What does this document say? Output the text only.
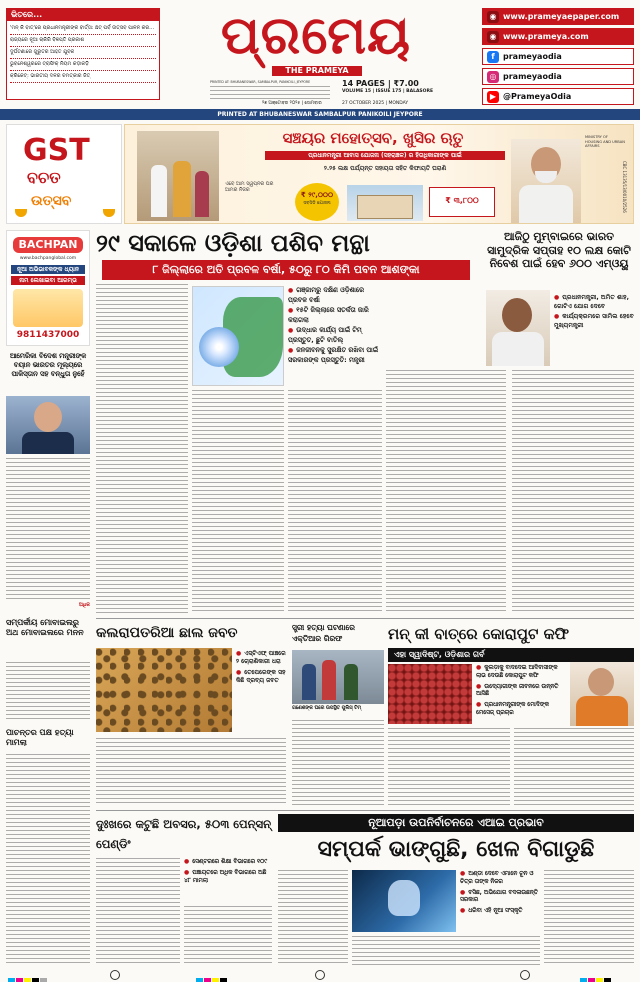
ଭିତରେ...
'ମନ୍ କି ବାତ୍'ରେ ପ୍ରଧାନମନ୍ତ୍ରୀଙ୍କ ବାର୍ତ୍ତା: ଛଟ୍ ପର୍ବ ଉତ୍ସବ ପାଳନ କରନ୍ତୁ
ରାଜ୍ୟରେ ନୂଆ ଚାକିରି ବିଜ୍ଞପ୍ତି ପ୍ରକାଶ
ଦୁର୍ଘଟଣାରେ ଗୁରୁତର ଆହତ ଯୁବକ
ଭୁବନେଶ୍ୱରରେ ଟ୍ରାଫିକ୍ ନିୟମ କଡ଼ାକଡ଼ି
କ୍ରିକେଟ୍: ଭାରତୀୟ ଦଳର ଚମତ୍କାର ଜିତ୍
ପ୍ରମେୟ
THE PRAMEYA
PRINTED AT: BHUBANESWAR, SAMBALPUR, PANIKOILI, JEYPORE	14 PAGES | ₹7.00
VOLUME 15 | ISSUE 175 | BALASORE
୨୭ ଅକ୍ଟୋବର ୨୦୨୫ | ସୋମବାର	27 OCTOBER 2025 | MONDAY
◉ www.prameyaepaper.com
◉ www.prameya.com
f	prameyaodia
◎ prameyaodia
▶ @PrameyaOdia
PRINTED AT BHUBANESWAR SAMBALPUR PANIKOILI JEYPORE
GST
ବଚତ
ଉତ୍ସବ
ସଞ୍ଚୟର ମହୋତ୍ସବ, ଖୁସିର ଋତୁ
ପ୍ରଧାନମନ୍ତ୍ରୀ ଆବାସ ଯୋଜନା (ସହରାଞ୍ଚଳ) ର ହିତାଧିକାରୀଙ୍କ ପାଇଁ
୨.୨୫ ଲକ୍ଷ ପର୍ଯ୍ୟନ୍ତ ସହାୟତା ସହିତ କିଫାୟତି ଘରାଣି
ଏବେ ଆମ ସ୍ୱପ୍ନର ଘର ଆମର ନିଜର
₹ ୨୯,୦୦୦
ସବସିଡି ଯୋଜନା	₹ ୩,୮୦୦
MINISTRY OF HOUSING AND URBAN AFFAIRS
CBC 13135/13/0010/2526
BACHPAN
www.bachpanglobal.com
ନୂଆ ଅଭିଭାବକଙ୍କ ଧ୍ୟାନ
ନାମ ଲେଖାଇବା ଆରମ୍ଭ
9811437000
୨୯ ସକାଳେ ଓଡ଼ିଶା ପଶିବ ମନ୍ଥା
୮ ଜିଲ୍ଲାରେ ଅତି ପ୍ରବଳ ବର୍ଷା, ୫୦ରୁ ୮୦ କିମି ପବନ ଆଶଙ୍କା
● ଗଞ୍ଜାମରୁ ଦକ୍ଷିଣ ଓଡ଼ିଶାରେ ପ୍ରବଳ ବର୍ଷା
● ୧୫ଟି ଜିଲ୍ଲାରେ ସତର୍କତା ଜାରି କରାଗଲା
● ଉଦ୍ଧାର କାର୍ଯ୍ୟ ପାଇଁ ଟିମ୍ ପ୍ରସ୍ତୁତ, ଛୁଟି ବାତିଲ୍
● ଜନଜୀବନକୁ ସୁରକ୍ଷିତ ରଖିବା ପାଇଁ ସରକାରଙ୍କ ପ୍ରସ୍ତୁତି: ମନ୍ତ୍ରୀ
ଆଜିଠୁ ମୁମ୍ବାଇରେ ଭାରତ ସାମୁଦ୍ରିକ ସପ୍ତାହ ୧୦ ଲକ୍ଷ କୋଟି ନିବେଶ ପାଇଁ ହେବ ୬୦୦ ଏମ୍ଓୟୁ
● ପ୍ରଧାନମନ୍ତ୍ରୀ, ଅମିତ ଶାହ, ଗୋଟିଏ ଯୋଗ ଦେବେ
● କାର୍ଯ୍ୟକ୍ରମରେ ସାମିଲ ହେବେ ମୁଖ୍ୟମନ୍ତ୍ରୀ
ଆମେରିକା ବିଦେଶ ମନ୍ତ୍ରୀଙ୍କ ବୟାନ ଭାରତର ମୂଲ୍ୟରେ ପାକିସ୍ତାନ ସହ ବନ୍ଧୁତା ନୁହେଁ
ଅଧିକ
ସମ୍ପର୍କୀୟ ମୋବାଇଲରୁ ଅଥ ମୋବାଇଲରେ ମନନ
ପାଚନ୍ତର ପକ୍ଷ ହତ୍ୟା ମାମଲା
କଲରାପତରିଆ ଛାଲ ଜବତ
● ଏସ୍ଟିଏଫ୍ ପାଞ୍ଚରେ ୨ ଚୋରାଶିକାରୀ ଧରା
● ତେପେରେଙ୍କ ସହ କିଛି ଦ୍ରବ୍ୟ ଜବତ
ସ୍ତ୍ରୀ ହତ୍ୟା ଘଟଣାରେ ଏକ୍ତିଆର ଗିରଫ
ଗଣେଶଙ୍କ ଘରେ ଉପସ୍ଥିତ ପୁଲିସ୍ ଟିମ୍
ମନ୍ କୀ ବାତ୍‌ରେ କୋରାପୁଟ କଫି
ଏହା ସ୍ୱାଦିଷ୍ଟ, ଓଡ଼ିଶାର ଗର୍ବ
● କୁଲଡ଼ାକୁ ବାଦଦେଇ ଆଦିବାସୀଙ୍କ ଲାଭ ଦେଉଛି କୋରାପୁଟ କଫି
● ଉଦ୍ୟୋଗୀଙ୍କ ଜୀବନରେ ଉନ୍ନତି ଆସିଛି
● ପ୍ରଧାନମନ୍ତ୍ରୀଙ୍କ ମୋଦିଙ୍କ ମେସେଜ୍ ପ୍ରଚାର
ଦୁଃଖରେ କଟୁଛି ଅବସର, ୫୦୩ ପେନ୍‌ସନ୍ ପେଣ୍ଡିଂ
● ସେଣ୍ଟରରେ ଶିକ୍ଷା ବିଭାଗରେ ୧୦୯
● ପଞ୍ଚାୟତରେ ଅଧିକ ବିଭାଗରେ ଅଛି ୪୮ ମାମଲା
ନୂଆପଡ଼ା ଉପନିର୍ବାଚନରେ ଏଆଇ ପ୍ରଭାବ
ସମ୍ପର୍କ ଭାଙ୍ଗୁଛି, ଖେଳ ବିଗାଡୁଛି
● ଅଣ୍ଡା ଦେବେ ଏମାନେ ଚୂନ ଓ ଚିତ୍ର ତାଙ୍କ ନିଜର
● ବସିଛ, ଅଭିଯୋଗ ବଦଳାଉଛନ୍ତି ସରକାର
● ଧରିବା ଏହି ନୂଆ ସଂସ୍କୃତି
